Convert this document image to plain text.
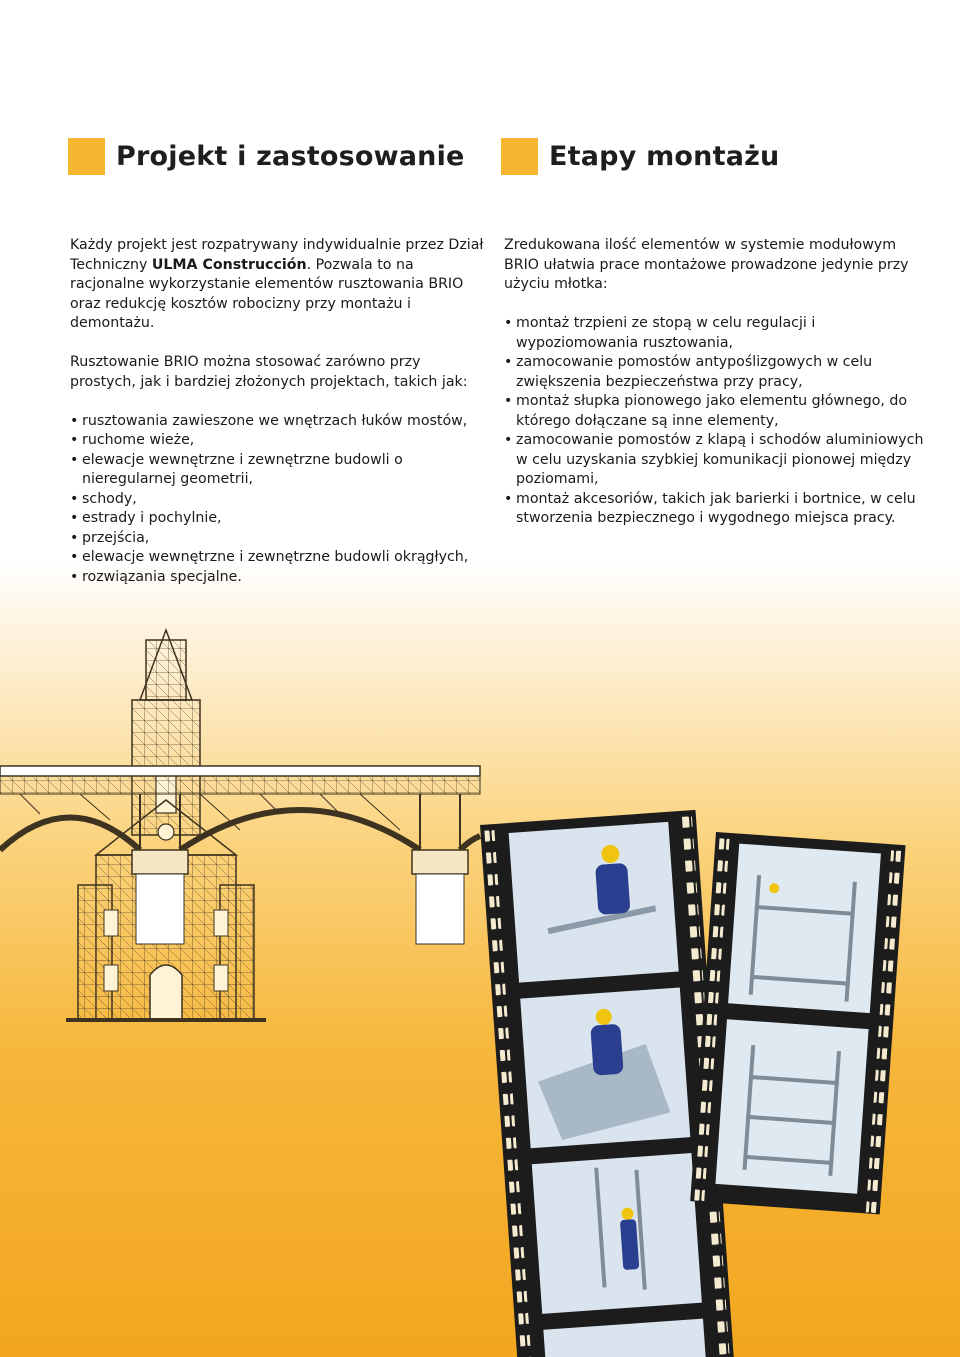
Projekt i zastosowanie	Etapy montażu

Każdy projekt jest rozpatrywany indywidualnie przez Dział Techniczny ULMA Construcción. Pozwala to na racjonalne wykorzystanie elementów rusztowania BRIO oraz redukcję kosztów robocizny przy montażu i demontażu.

Rusztowanie BRIO można stosować zarówno przy prostych, jak i bardziej złożonych projektach, takich jak:

• rusztowania zawieszone we wnętrzach łuków mostów,
• ruchome wieże,
• elewacje wewnętrzne i zewnętrzne budowli o nieregularnej geometrii,
• schody,
• estrady i pochylnie,
• przejścia,
• elewacje wewnętrzne i zewnętrzne budowli okrągłych,
• rozwiązania specjalne.

Zredukowana ilość elementów w systemie modułowym BRIO ułatwia prace montażowe prowadzone jedynie przy użyciu młotka:

• montaż trzpieni ze stopą w celu regulacji i wypoziomowania rusztowania,
• zamocowanie pomostów antypoślizgowych w celu zwiększenia bezpieczeństwa przy pracy,
• montaż słupka pionowego jako elementu głównego, do którego dołączane są inne elementy,
• zamocowanie pomostów z klapą i schodów aluminiowych w celu uzyskania szybkiej komunikacji pionowej między poziomami,
• montaż akcesoriów, takich jak barierki i bortnice, w celu stworzenia bezpiecznego i wygodnego miejsca pracy.
